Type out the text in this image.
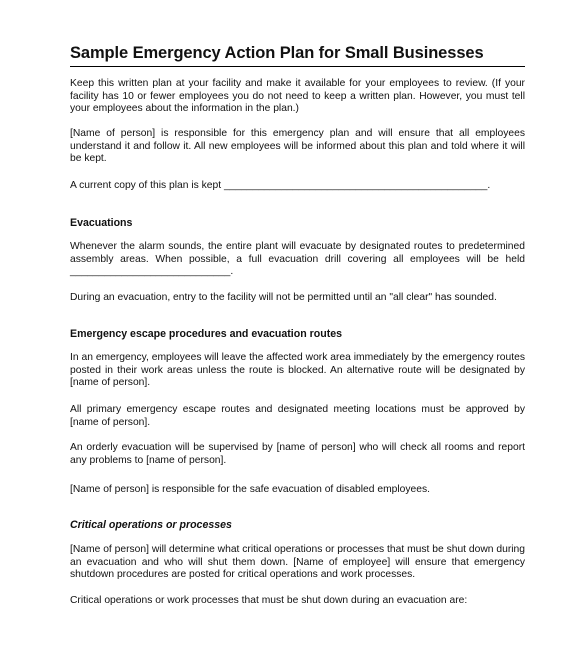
Sample Emergency Action Plan for Small Businesses

Keep this written plan at your facility and make it available for your employees to review. (If your facility has 10 or fewer employees you do not need to keep a written plan. However, you must tell your employees about the information in the plan.)

[Name of person] is responsible for this emergency plan and will ensure that all employees understand it and follow it. All new employees will be informed about this plan and told where it will be kept.

A current copy of this plan is kept ______________________________________________.

Evacuations

Whenever the alarm sounds, the entire plant will evacuate by designated routes to predetermined assembly areas. When possible, a full evacuation drill covering all employees will be held ____________________________.

During an evacuation, entry to the facility will not be permitted until an "all clear" has sounded.

Emergency escape procedures and evacuation routes

In an emergency, employees will leave the affected work area immediately by the emergency routes posted in their work areas unless the route is blocked. An alternative route will be designated by [name of person].

All primary emergency escape routes and designated meeting locations must be approved by [name of person].

An orderly evacuation will be supervised by [name of person] who will check all rooms and report any problems to [name of person].

[Name of person] is responsible for the safe evacuation of disabled employees.

Critical operations or processes

[Name of person] will determine what critical operations or processes that must be shut down during an evacuation and who will shut them down. [Name of employee] will ensure that emergency shutdown procedures are posted for critical operations and work processes.

Critical operations or work processes that must be shut down during an evacuation are:
